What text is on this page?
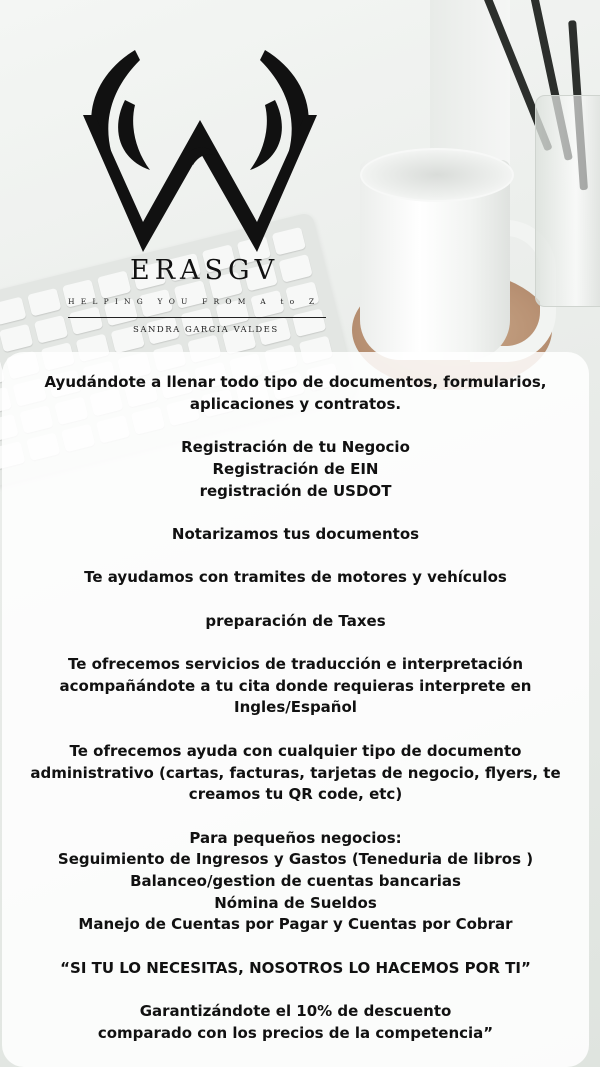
ERASGV
HELPING YOU FROM A to Z
SANDRA GARCIA VALDES

Ayudándote a llenar todo tipo de documentos, formularios,
aplicaciones y contratos.

Registración de tu Negocio
Registración de EIN
registración de USDOT

Notarizamos tus documentos

Te ayudamos con tramites de motores y vehículos

preparación de Taxes

Te ofrecemos servicios de traducción e interpretación
acompañándote a tu cita donde requieras interprete en
Ingles/Español

Te ofrecemos ayuda con cualquier tipo de documento
administrativo (cartas, facturas, tarjetas de negocio, flyers, te
creamos tu QR code, etc)

Para pequeños negocios:
Seguimiento de Ingresos y Gastos (Teneduria de libros )
Balanceo/gestion de cuentas bancarias
Nómina de Sueldos
Manejo de Cuentas por Pagar y Cuentas por Cobrar

“SI TU LO NECESITAS, NOSOTROS LO HACEMOS POR TI”

Garantizándote el 10% de descuento
comparado con los precios de la competencia”
